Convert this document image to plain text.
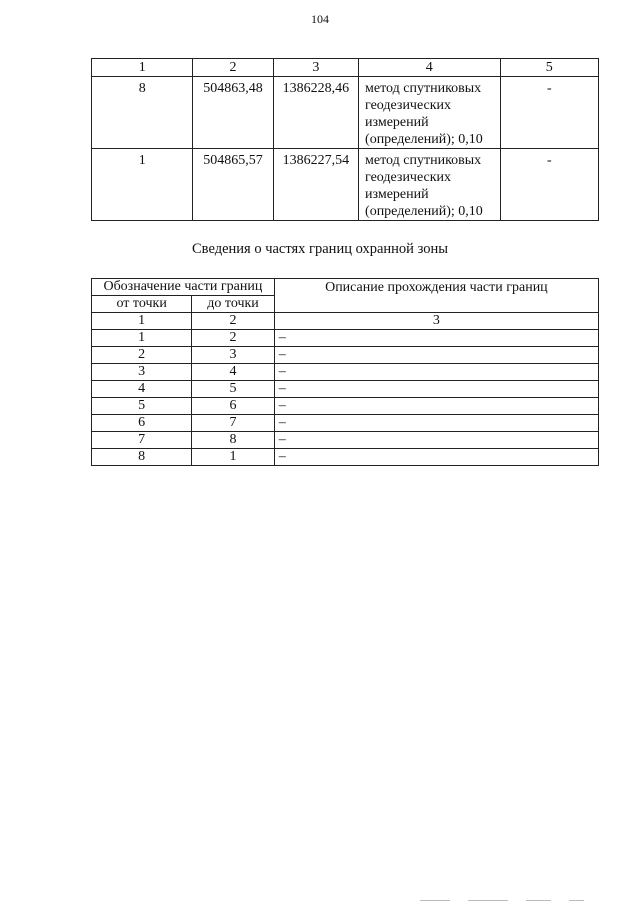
104
1	2	3	4	5
8	504863,48	1386228,46	метод спутниковых
геодезических
измерений
(определений); 0,10	-
1	504865,57	1386227,54	метод спутниковых
геодезических
измерений
(определений); 0,10	-
Сведения о частях границ охранной зоны
Обозначение части границ		Описание прохождения части границ
от точки	до точки	
1	2	3
1	2	–
2	3	–
3	4	–
4	5	–
5	6	–
6	7	–
7	8	–
8	1	–
